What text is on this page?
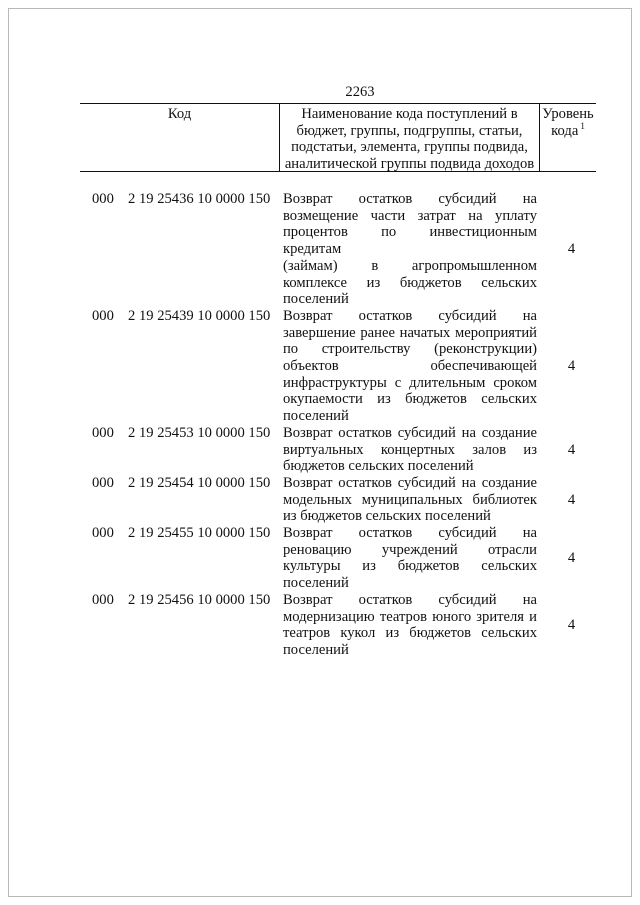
2263
Код	Наименование кода поступлений в
бюджет, группы, подгруппы, статьи,
подстатьи, элемента, группы подвида,
аналитической группы подвида доходов
Уровень
кода $^1$
000 2 19 25436 10 0000 150 Возврат остатков субсидий на
возмещение части затрат на уплату
процентов по инвестиционным кредитам
(займам) в агропромышленном
комплексе из бюджетов сельских
поселений
4
000 2 19 25439 10 0000 150 Возврат остатков субсидий на
завершение ранее начатых мероприятий
по строительству (реконструкции)
объектов обеспечивающей
инфраструктуры с длительным сроком
окупаемости из бюджетов сельских
поселений
4
000 2 19 25453 10 0000 150 Возврат остатков субсидий на создание
виртуальных концертных залов из
бюджетов сельских поселений
4
000 2 19 25454 10 0000 150 Возврат остатков субсидий на создание
модельных муниципальных библиотек
из бюджетов сельских поселений
4
000 2 19 25455 10 0000 150 Возврат остатков субсидий на
реновацию учреждений отрасли
культуры из бюджетов сельских
поселений
4
000 2 19 25456 10 0000 150 Возврат остатков субсидий на
модернизацию театров юного зрителя и
театров кукол из бюджетов сельских
поселений
4
